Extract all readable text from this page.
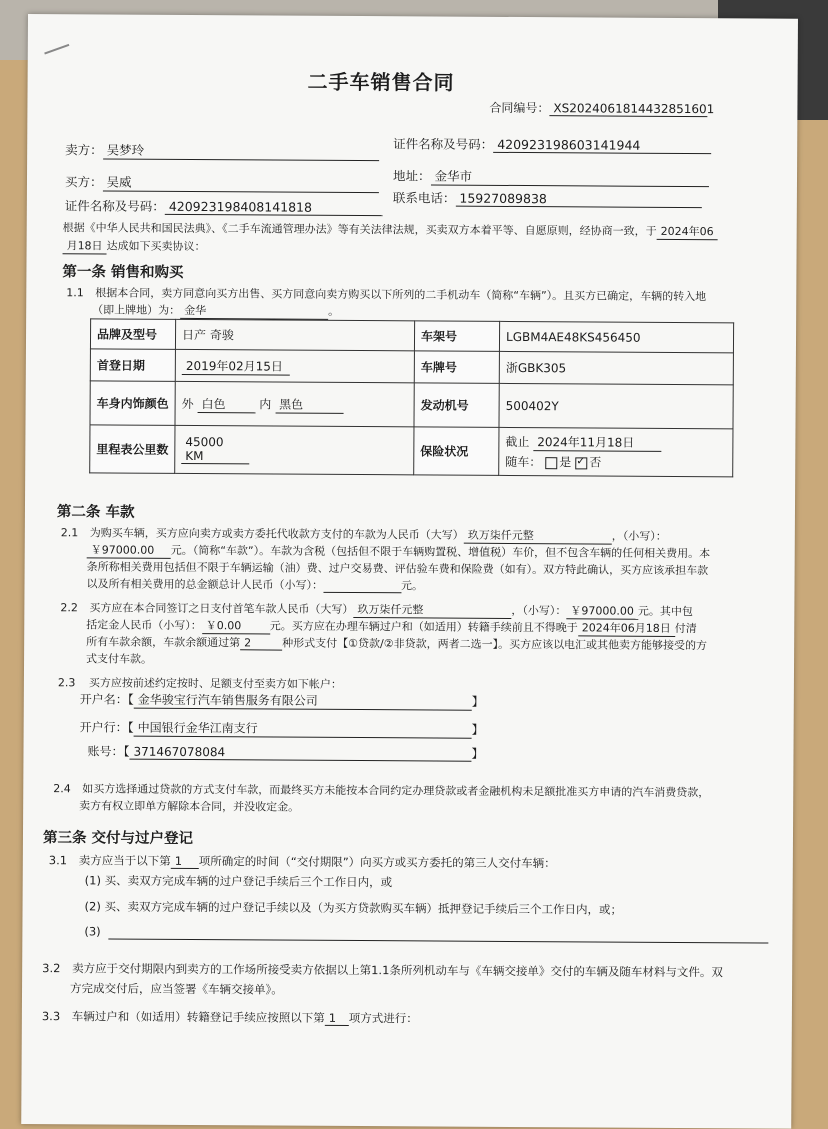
二手车销售合同
合同编号： XS2024061814432851601
卖方： 吴梦玲	证件名称及号码： 420923198603141944
买方： 吴威	地址： 金华市
证件名称及号码： 420923198408141818
联系电话： 15927089838
根据《中华人民共和国民法典》、《二手车流通管理办法》等有关法律法规，买卖双方本着平等、自愿原则，经协商一致，于 2024年06
月18日 达成如下买卖协议：
第一条 销售和购买
1.1 根据本合同，卖方同意向买方出售、买方同意向卖方购买以下所列的二手机动车（简称“车辆”）。且买方已确定，车辆的转入地
（即上牌地）为： 金华	。
品牌及型号	日产 奇骏	车架号	LGBM4AE48KS456450
首登日期	2019年02月15日	车牌号	浙GBK305
车身内饰颜色	外 白色 内 黑色	发动机号	500402Y
里程表公里数	45000 KM	保险状况	截止 2024年11月18日
随车： 是 ✓ 否
第二条 车款
2.1 为购买车辆，买方应向卖方或卖方委托代收款方支付的车款为人民币（大写） 玖万柒仟元整	，（小写）：
￥97000.00 元。（简称“车款”）。车款为含税（包括但不限于车辆购置税、增值税）车价，但不包含车辆的任何相关费用。本
条所称相关费用包括但不限于车辆运输（油）费、过户交易费、评估验车费和保险费（如有）。双方特此确认，买方应该承担车款
以及所有相关费用的总金额总计人民币（小写）：	元。
2.2 买方应在本合同签订之日支付首笔车款人民币（大写） 玖万柒仟元整	，（小写）： ￥97000.00 元。其中包
括定金人民币（小写）： ￥0.00	元。买方应在办理车辆过户和（如适用）转籍手续前且不得晚于 2024年06月18日 付清
所有车款余额，车款余额通过第 2	种形式支付【①贷款/②非贷款，两者二选一】。买方应该以电汇或其他卖方能够接受的方
式支付车款。
2.3 买方应按前述约定按时、足额支付至卖方如下帐户：
开户名：【 金华骏宝行汽车销售服务有限公司	】
开户行：【 中国银行金华江南支行	】
账号：【 371467078084	】
2.4 如买方选择通过贷款的方式支付车款，而最终买方未能按本合同约定办理贷款或者金融机构未足额批准买方申请的汽车消费贷款，
卖方有权立即单方解除本合同，并没收定金。
第三条 交付与过户登记
3.1 卖方应当于以下第 1 项所确定的时间（“交付期限”）向买方或买方委托的第三人交付车辆：
(1) 买、卖双方完成车辆的过户登记手续后三个工作日内，或
(2) 买、卖双方完成车辆的过户登记手续以及（为买方贷款购买车辆）抵押登记手续后三个工作日内，或；
(3)
3.2 卖方应于交付期限内到卖方的工作场所接受卖方依据以上第1.1条所列机动车与《车辆交接单》交付的车辆及随车材料与文件。双
方完成交付后，应当签署《车辆交接单》。
3.3 车辆过户和（如适用）转籍登记手续应按照以下第 1 项方式进行：
